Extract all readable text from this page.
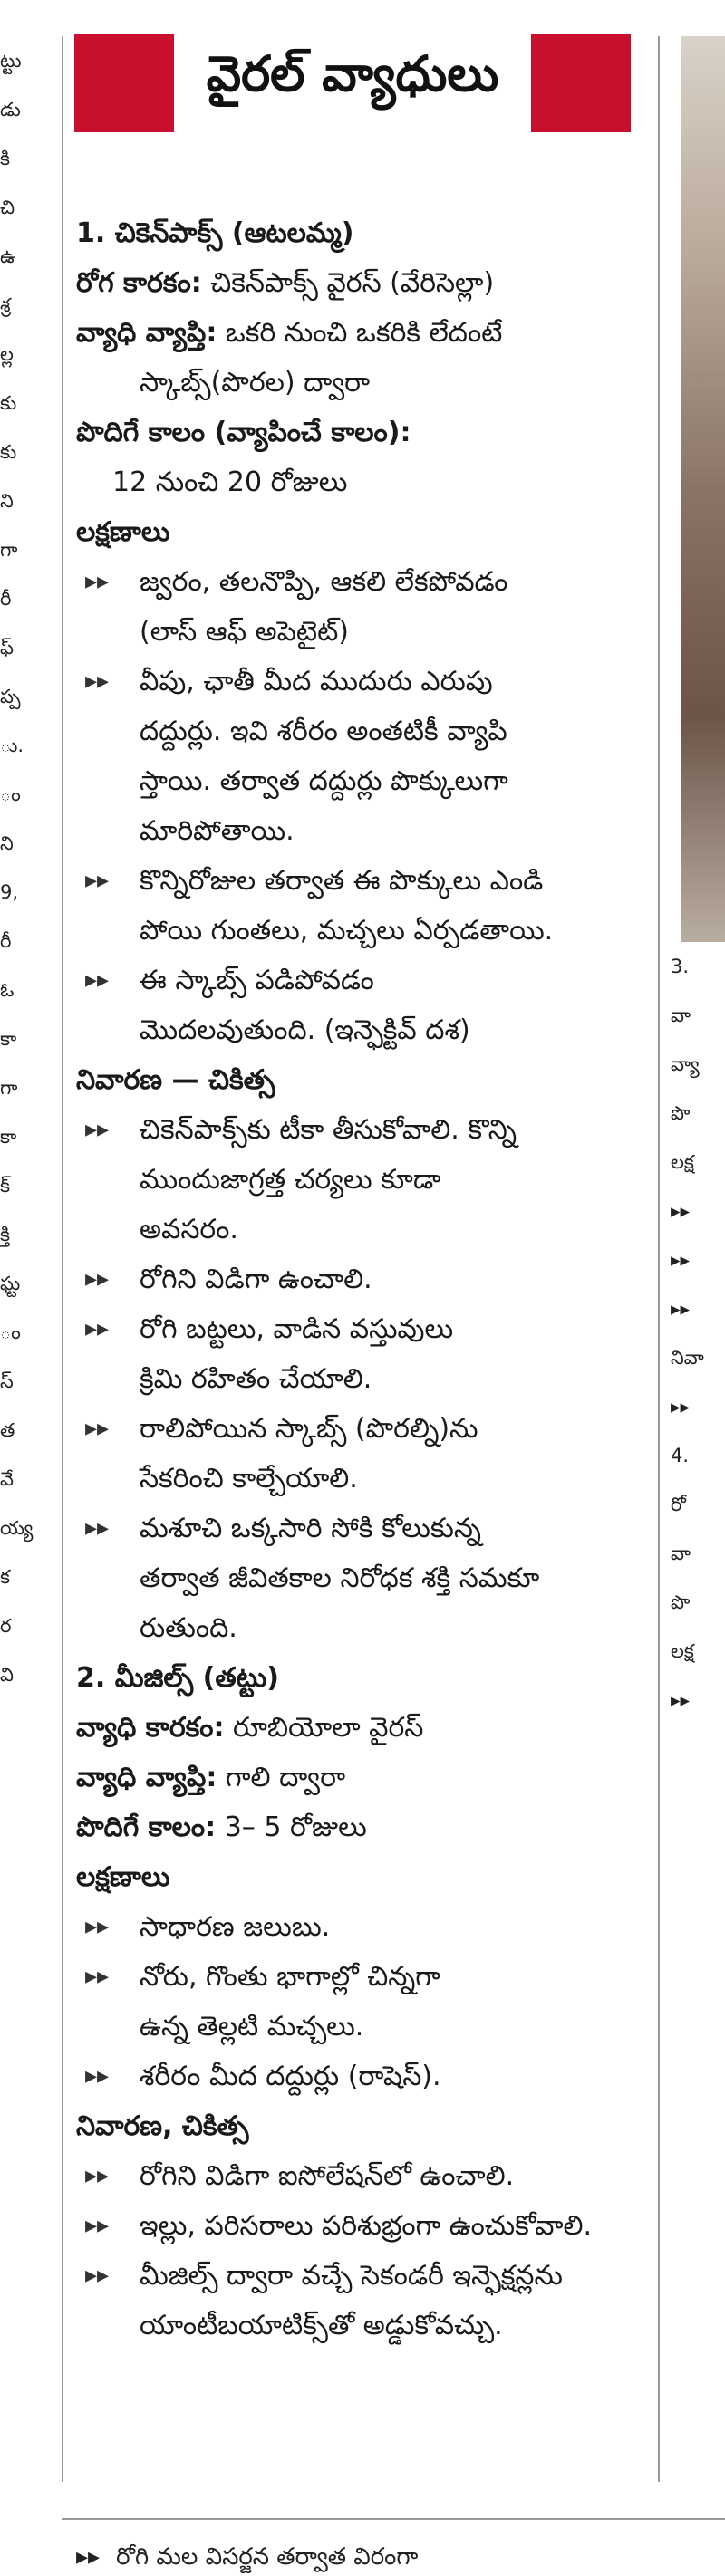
ట్టు
డు
కి
చి
ఉ
శ్ర
ల్ల
కు
కు
ని
గా
రీ
ఫ్
ప్ప
ు.
ం
ని
9,
రీ
ఓ
కా
గా
కా
క్
క్తి
ఘ్ట
ం
స్
త
వే
య్య
క
ర
వి
3.
వా
వ్యా
పొ
లక్ష
▸▸
▸▸
▸▸
నివా
▸▸
4.
రో
వా
పొ
లక్ష
▸▸
వైరల్ వ్యాధులు
1. చికెన్‌పాక్స్ (ఆటలమ్మ)
రోగ కారకం: చికెన్‌పాక్స్ వైరస్ (వేరిసెల్లా)
వ్యాధి వ్యాప్తి: ఒకరి నుంచి ఒకరికి లేదంటే
స్కాబ్స్(పొరల) ద్వారా
పొదిగే కాలం (వ్యాపించే కాలం):
12 నుంచి 20 రోజులు
లక్షణాలు
▸▸ జ్వరం, తలనొప్పి, ఆకలి లేకపోవడం
(లాస్ ఆఫ్ అపెటైట్)
▸▸ వీపు, ఛాతీ మీద ముదురు ఎరుపు
దద్దుర్లు. ఇవి శరీరం అంతటికీ వ్యాపి
స్తాయి. తర్వాత దద్దుర్లు పొక్కులుగా
మారిపోతాయి.
▸▸ కొన్నిరోజుల తర్వాత ఈ పొక్కులు ఎండి
పోయి గుంతలు, మచ్చలు ఏర్పడతాయి.
▸▸ ఈ స్కాబ్స్ పడిపోవడం
మొదలవుతుంది. (ఇన్ఫెక్టివ్ దశ)
నివారణ — చికిత్స
▸▸ చికెన్‌పాక్స్‌కు టీకా తీసుకోవాలి. కొన్ని
ముందుజాగ్రత్త చర్యలు కూడా
అవసరం.
▸▸ రోగిని విడిగా ఉంచాలి.
▸▸ రోగి బట్టలు, వాడిన వస్తువులు
క్రిమి రహితం చేయాలి.
▸▸ రాలిపోయిన స్కాబ్స్ (పొరల్ని)ను
సేకరించి కాల్చేయాలి.
▸▸ మశూచి ఒక్కసారి సోకి కోలుకున్న
తర్వాత జీవితకాల నిరోధక శక్తి సమకూ
రుతుంది.
2. మీజిల్స్ (తట్టు)
వ్యాధి కారకం: రూబియోలా వైరస్
వ్యాధి వ్యాప్తి: గాలి ద్వారా
పొదిగే కాలం: 3– 5 రోజులు
లక్షణాలు
▸▸ సాధారణ జలుబు.
▸▸ నోరు, గొంతు భాగాల్లో చిన్నగా
ఉన్న తెల్లటి మచ్చలు.
▸▸ శరీరం మీద దద్దుర్లు (రాషెస్).
నివారణ, చికిత్స
▸▸ రోగిని విడిగా ఐసోలేషన్‌లో ఉంచాలి.
▸▸ ఇల్లు, పరిసరాలు పరిశుభ్రంగా ఉంచుకోవాలి.
▸▸ మీజిల్స్ ద్వారా వచ్చే సెకండరీ ఇన్ఫెక్షన్లను
యాంటీబయాటిక్స్‌తో అడ్డుకోవచ్చు.
▸▸ రోగి మల విసర్జన తర్వాత విరంగా
